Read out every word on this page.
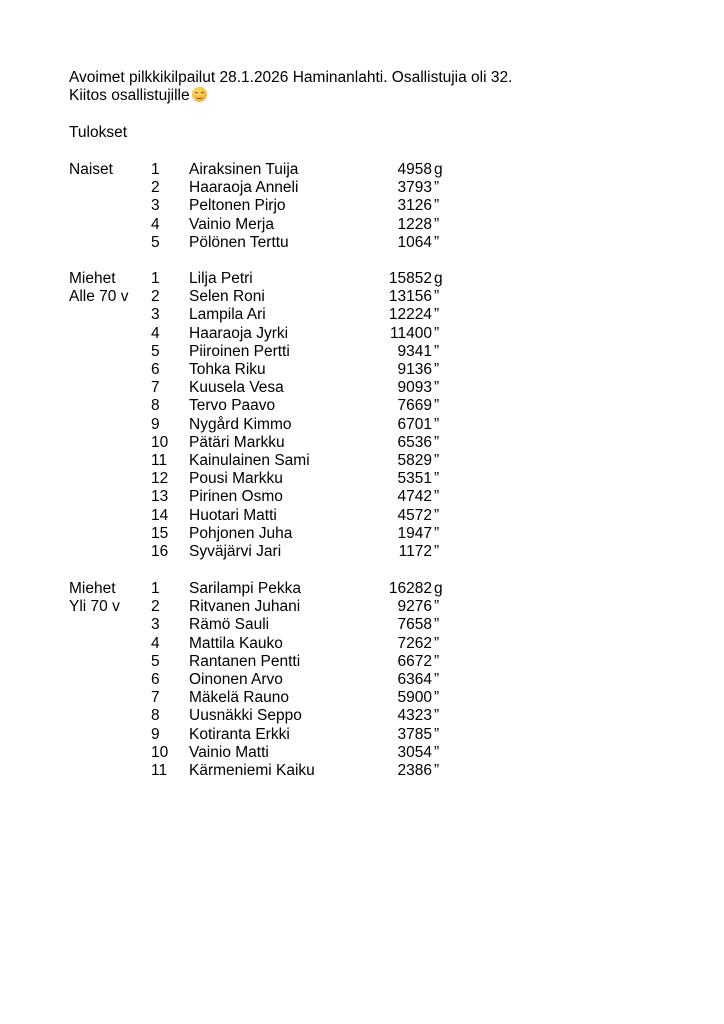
Avoimet pilkkikilpailut 28.1.2026 Haminanlahti. Osallistujia oli 32.
Kiitos osallistujille
Tulokset
Naiset 1 Airaksinen Tuija	4958 g
2 Haaraoja Anneli	3793 ”
3 Peltonen Pirjo	3126 ”
4 Vainio Merja	1228 ”
5 Pölönen Terttu	1064 ”
Miehet 1 Lilja Petri	15852 g
Alle 70 v 2 Selen Roni	13156 ”
3 Lampila Ari	12224 ”
4 Haaraoja Jyrki	11400 ”
5 Piiroinen Pertti	9341 ”
6 Tohka Riku	9136 ”
7 Kuusela Vesa	9093 ”
8 Tervo Paavo	7669 ”
9 Nygård Kimmo	6701 ”
10 Pätäri Markku	6536 ”
11 Kainulainen Sami	5829 ”
12 Pousi Markku	5351 ”
13 Pirinen Osmo	4742 ”
14 Huotari Matti	4572 ”
15 Pohjonen Juha	1947 ”
16 Syväjärvi Jari	1172 ”
Miehet 1 Sarilampi Pekka	16282 g
Yli 70 v 2 Ritvanen Juhani	9276 ”
3 Rämö Sauli	7658 ”
4 Mattila Kauko	7262 ”
5 Rantanen Pentti	6672 ”
6 Oinonen Arvo	6364 ”
7 Mäkelä Rauno	5900 ”
8 Uusnäkki Seppo	4323 ”
9 Kotiranta Erkki	3785 ”
10 Vainio Matti	3054 ”
11 Kärmeniemi Kaiku	2386 ”
